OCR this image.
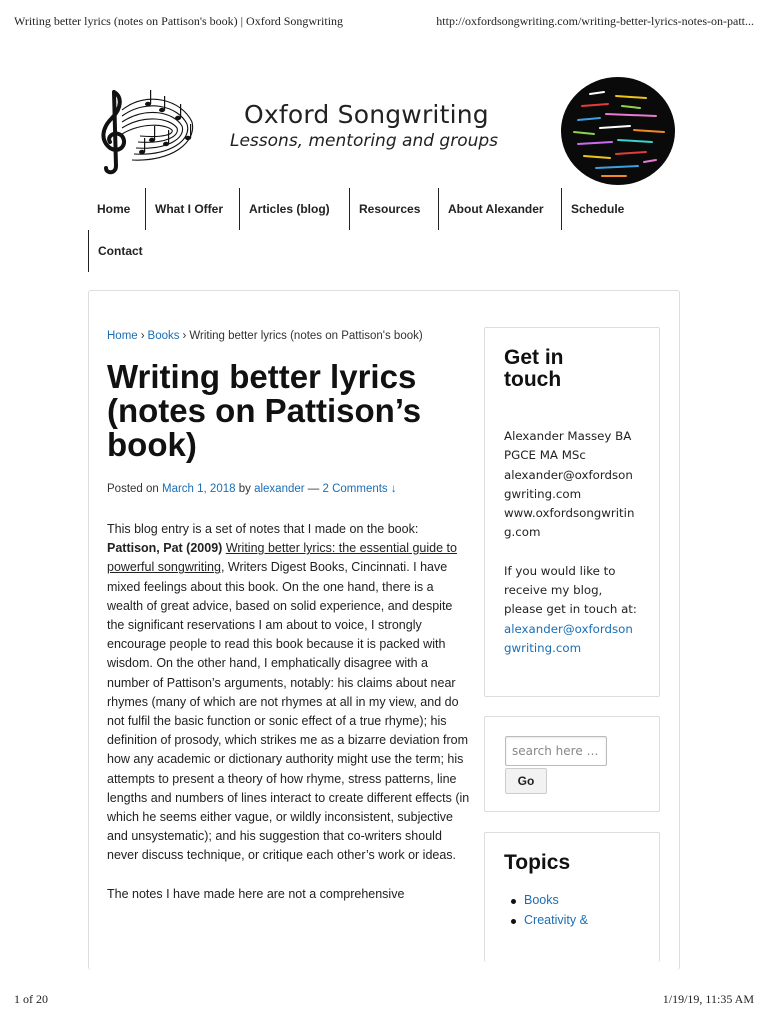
Writing better lyrics (notes on Pattison's book) | Oxford Songwriting	http://oxfordsongwriting.com/writing-better-lyrics-notes-on-patt...
Oxford Songwriting
Lessons, mentoring and groups
Home	What I Offer	Articles (blog)	Resources	About Alexander	Schedule
Contact
Home › Books › Writing better lyrics (notes on Pattison's book)
Writing better lyrics (notes on Pattison’s book)
Posted on March 1, 2018 by alexander — 2 Comments ↓

This blog entry is a set of notes that I made on the book: Pattison, Pat (2009) Writing better lyrics: the essential guide to powerful songwriting, Writers Digest Books, Cincinnati. I have mixed feelings about this book. On the one hand, there is a wealth of great advice, based on solid experience, and despite the significant reservations I am about to voice, I strongly encourage people to read this book because it is packed with wisdom. On the other hand, I emphatically disagree with a number of Pattison’s arguments, notably: his claims about near rhymes (many of which are not rhymes at all in my view, and do not fulfil the basic function or sonic effect of a true rhyme); his definition of prosody, which strikes me as a bizarre deviation from how any academic or dictionary authority might use the term; his attempts to present a theory of how rhyme, stress patterns, line lengths and numbers of lines interact to create different effects (in which he seems either vague, or wildly inconsistent, subjective and unsystematic); and his suggestion that co-writers should never discuss technique, or critique each other’s work or ideas.

The notes I have made here are not a comprehensive

Get in touch
Alexander Massey BA
PGCE MA MSc
alexander@oxfordson
gwriting.com
www.oxfordsongwritin
g.com
If you would like to
receive my blog,
please get in touch at:
alexander@oxfordson
gwriting.com
search here …
Go
Topics
Books
Creativity &
1 of 20	1/19/19, 11:35 AM
